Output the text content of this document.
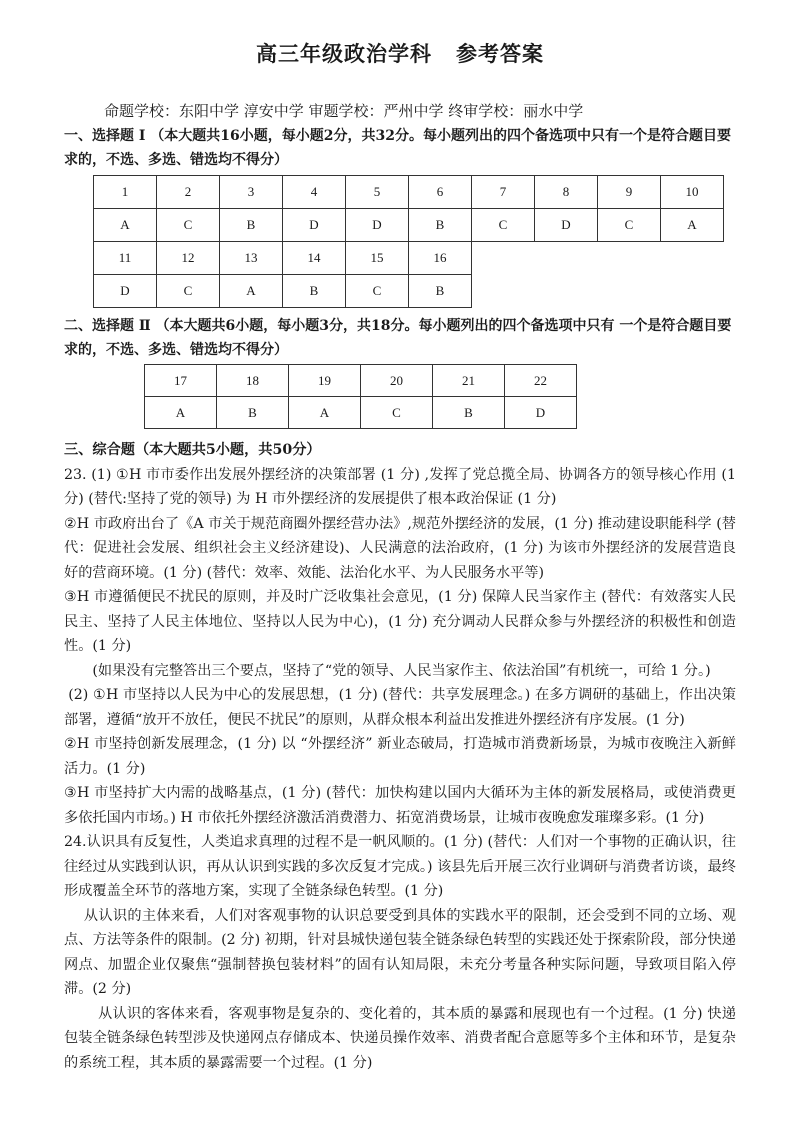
高三年级政治学科 参考答案
命题学校：东阳中学 淳安中学 审题学校：严州中学 终审学校：丽水中学
一、选择题 Ⅰ （本大题共16小题，每小题2分，共32分。每小题列出的四个备选项中只有一个是符合题目要求的，不选、多选、错选均不得分）
1	2	3	4	5	6	7	8	9	10
A	C	B	D	D	B	C	D	C	A
11	12	13	14	15	16				
D	C	A	B	C	B				
二、选择题 Ⅱ （本大题共6小题，每小题3分，共18分。每小题列出的四个备选项中只有 一个是符合题目要求的，不选、多选、错选均不得分）
17	18	19	20	21	22
A	B	A	C	B	D

三、综合题（本大题共5小题，共50分）

23. (1) ①H 市市委作出发展外摆经济的决策部署 (1 分) ,发挥了党总揽全局、协调各方的领导核心作用 (1 分) (替代:坚持了党的领导) 为 H 市外摆经济的发展提供了根本政治保证 (1 分)

②H 市政府出台了《A 市关于规范商圈外摆经营办法》,规范外摆经济的发展，(1 分) 推动建设职能科学 (替代：促进社会发展、组织社会主义经济建设)、人民满意的法治政府，(1 分) 为该市外摆经济的发展营造良好的营商环境。(1 分) (替代：效率、效能、法治化水平、为人民服务水平等)

③H 市遵循便民不扰民的原则，并及时广泛收集社会意见，(1 分) 保障人民当家作主 (替代：有效落实人民民主、坚持了人民主体地位、坚持以人民为中心)，(1 分) 充分调动人民群众参与外摆经济的积极性和创造性。(1 分)

(如果没有完整答出三个要点，坚持了“党的领导、人民当家作主、依法治国”有机统一，可给 1 分。)

(2) ①H 市坚持以人民为中心的发展思想，(1 分) (替代：共享发展理念。) 在多方调研的基础上，作出决策部署，遵循“放开不放任，便民不扰民”的原则，从群众根本利益出发推进外摆经济有序发展。(1 分)

②H 市坚持创新发展理念，(1 分) 以 “外摆经济” 新业态破局，打造城市消费新场景，为城市夜晚注入新鲜活力。(1 分)

③H 市坚持扩大内需的战略基点，(1 分) (替代：加快构建以国内大循环为主体的新发展格局，或使消费更多依托国内市场。) H 市依托外摆经济激活消费潜力、拓宽消费场景，让城市夜晚愈发璀璨多彩。(1 分)

24.认识具有反复性，人类追求真理的过程不是一帆风顺的。(1 分) (替代：人们对一个事物的正确认识，往往经过从实践到认识，再从认识到实践的多次反复才完成。) 该县先后开展三次行业调研与消费者访谈，最终形成覆盖全环节的落地方案，实现了全链条绿色转型。(1 分)

从认识的主体来看，人们对客观事物的认识总要受到具体的实践水平的限制，还会受到不同的立场、观点、方法等条件的限制。(2 分) 初期，针对县城快递包装全链条绿色转型的实践还处于探索阶段，部分快递网点、加盟企业仅聚焦“强制替换包装材料”的固有认知局限，未充分考量各种实际问题，导致项目陷入停滞。(2 分)

从认识的客体来看，客观事物是复杂的、变化着的，其本质的暴露和展现也有一个过程。(1 分) 快递包装全链条绿色转型涉及快递网点存储成本、快递员操作效率、消费者配合意愿等多个主体和环节，是复杂的系统工程，其本质的暴露需要一个过程。(1 分)
